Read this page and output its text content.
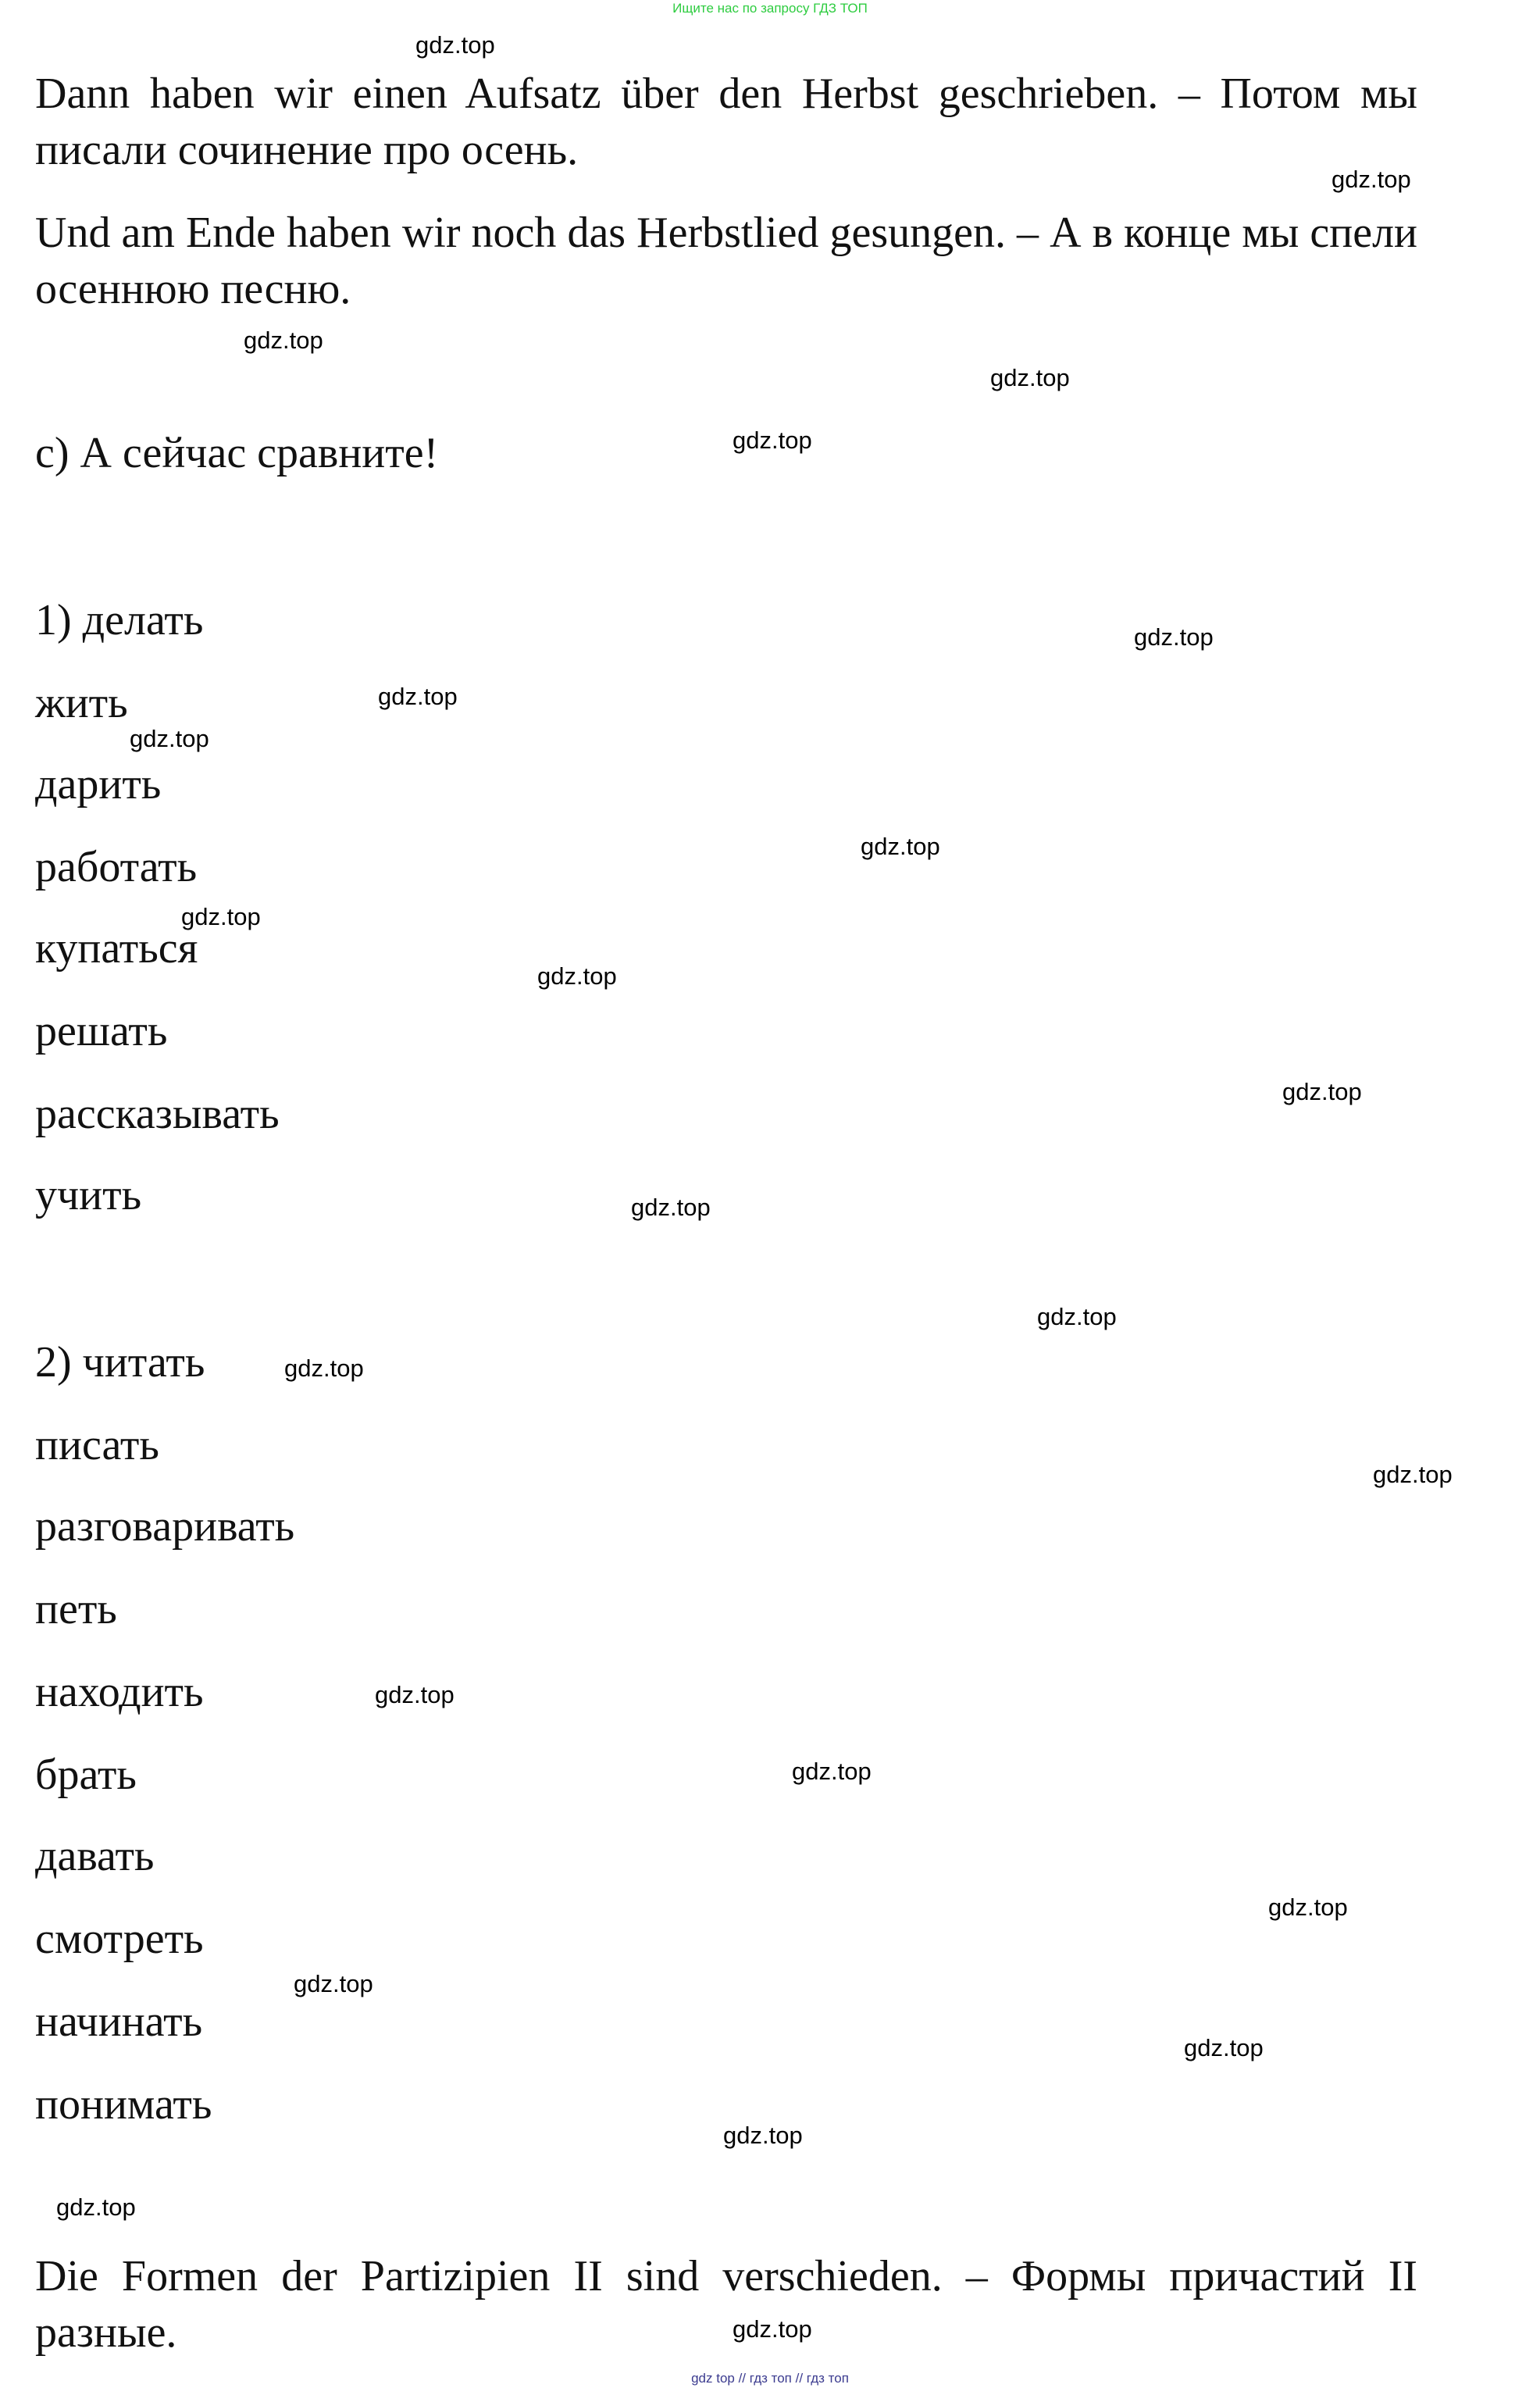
Ищите нас по запросу ГДЗ ТОП

Dann haben wir einen Aufsatz über den Herbst geschrieben. – Потом мы писали сочинение про осень.

Und am Ende haben wir noch das Herbstlied gesungen. – А в конце мы спели осеннюю песню.

с) А сейчас сравните!

1) делать

жить

дарить

работать

купаться

решать

рассказывать

учить

2) читать

писать

разговаривать

петь

находить

брать

давать

смотреть

начинать

понимать

Die Formen der Partizipien II sind verschieden. – Формы причастий II разные.

gdz.top
gdz.top
gdz.top
gdz.top
gdz.top
gdz.top
gdz.top
gdz.top
gdz.top
gdz.top
gdz.top
gdz.top
gdz.top
gdz.top
gdz.top
gdz.top
gdz.top
gdz.top
gdz.top
gdz.top
gdz.top
gdz.top
gdz.top
gdz.top
gdz top // гдз топ // гдз топ
